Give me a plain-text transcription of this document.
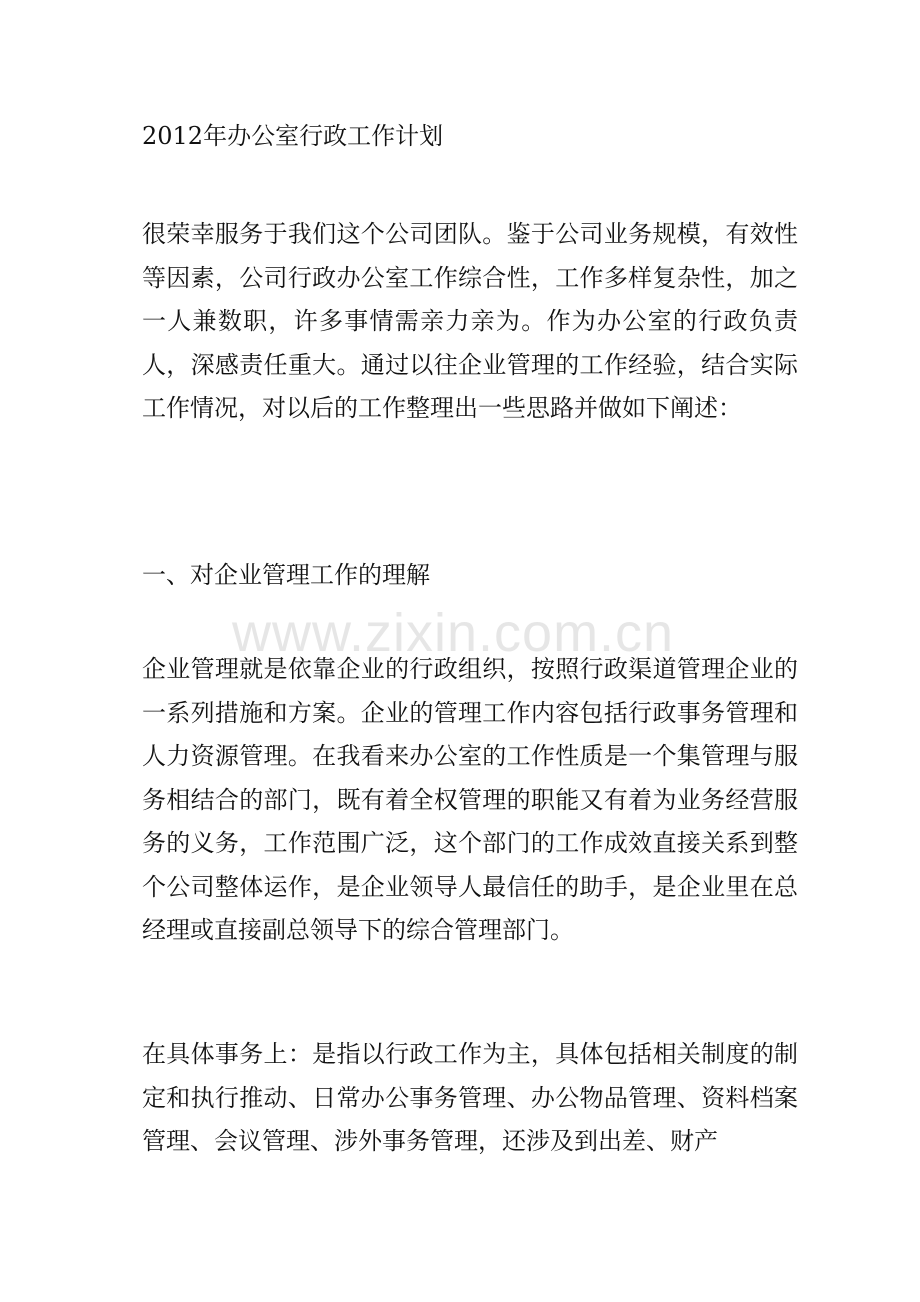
2012年办公室行政工作计划
很荣幸服务于我们这个公司团队。鉴于公司业务规模，有效性等因素，公司行政办公室工作综合性，工作多样复杂性，加之一人兼数职，许多事情需亲力亲为。作为办公室的行政负责人，深感责任重大。通过以往企业管理的工作经验，结合实际工作情况，对以后的工作整理出一些思路并做如下阐述：
一、对企业管理工作的理解
企业管理就是依靠企业的行政组织，按照行政渠道管理企业的一系列措施和方案。企业的管理工作内容包括行政事务管理和人力资源管理。在我看来办公室的工作性质是一个集管理与服务相结合的部门，既有着全权管理的职能又有着为业务经营服务的义务，工作范围广泛，这个部门的工作成效直接关系到整个公司整体运作，是企业领导人最信任的助手，是企业里在总经理或直接副总领导下的综合管理部门。
在具体事务上：是指以行政工作为主，具体包括相关制度的制定和执行推动、日常办公事务管理、办公物品管理、资料档案管理、会议管理、涉外事务管理，还涉及到出差、财产
www.zixin.com.cn
